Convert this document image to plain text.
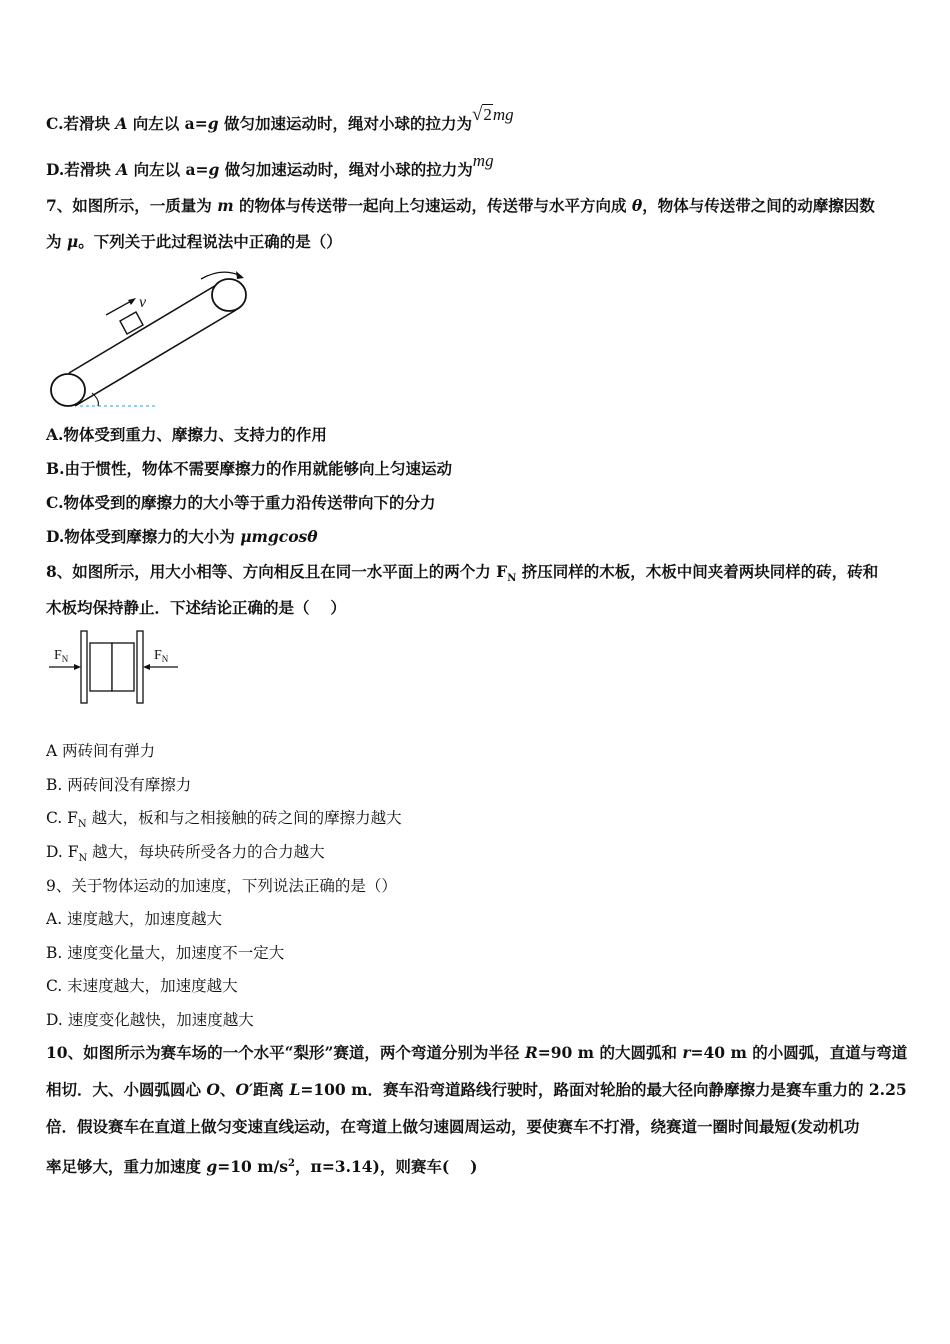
C.若滑块 A 向左以 a=g 做匀加速运动时，绳对小球的拉力为√2mg
D.若滑块 A 向左以 a=g 做匀加速运动时，绳对小球的拉力为mg
7、如图所示，一质量为 m 的物体与传送带一起向上匀速运动，传送带与水平方向成 θ，物体与传送带之间的动摩擦因数
为 μ。下列关于此过程说法中正确的是（）
v
A.物体受到重力、摩擦力、支持力的作用
B.由于惯性，物体不需要摩擦力的作用就能够向上匀速运动
C.物体受到的摩擦力的大小等于重力沿传送带向下的分力
D.物体受到摩擦力的大小为 μmgcosθ
8、如图所示，用大小相等、方向相反且在同一水平面上的两个力 $F_N$ 挤压同样的木板，木板中间夹着两块同样的砖，砖和
木板均保持静止．下述结论正确的是（　 ）
$F_N$	$F_N$
A 两砖间有弹力
B. 两砖间没有摩擦力
C. $F_N$ 越大，板和与之相接触的砖之间的摩擦力越大
D. $F_N$ 越大，每块砖所受各力的合力越大
9、关于物体运动的加速度，下列说法正确的是（）
A. 速度越大，加速度越大
B. 速度变化量大，加速度不一定大
C. 末速度越大，加速度越大
D. 速度变化越快，加速度越大
10、如图所示为赛车场的一个水平“梨形”赛道，两个弯道分别为半径 R=90 m 的大圆弧和 r=40 m 的小圆弧，直道与弯道
相切．大、小圆弧圆心 O、O′距离 L=100 m．赛车沿弯道路线行驶时，路面对轮胎的最大径向静摩擦力是赛车重力的 2.25
倍．假设赛车在直道上做匀变速直线运动，在弯道上做匀速圆周运动，要使赛车不打滑，绕赛道一圈时间最短(发动机功
率足够大，重力加速度 g=10 $m/s^2$，π=3.14)，则赛车(　 )
